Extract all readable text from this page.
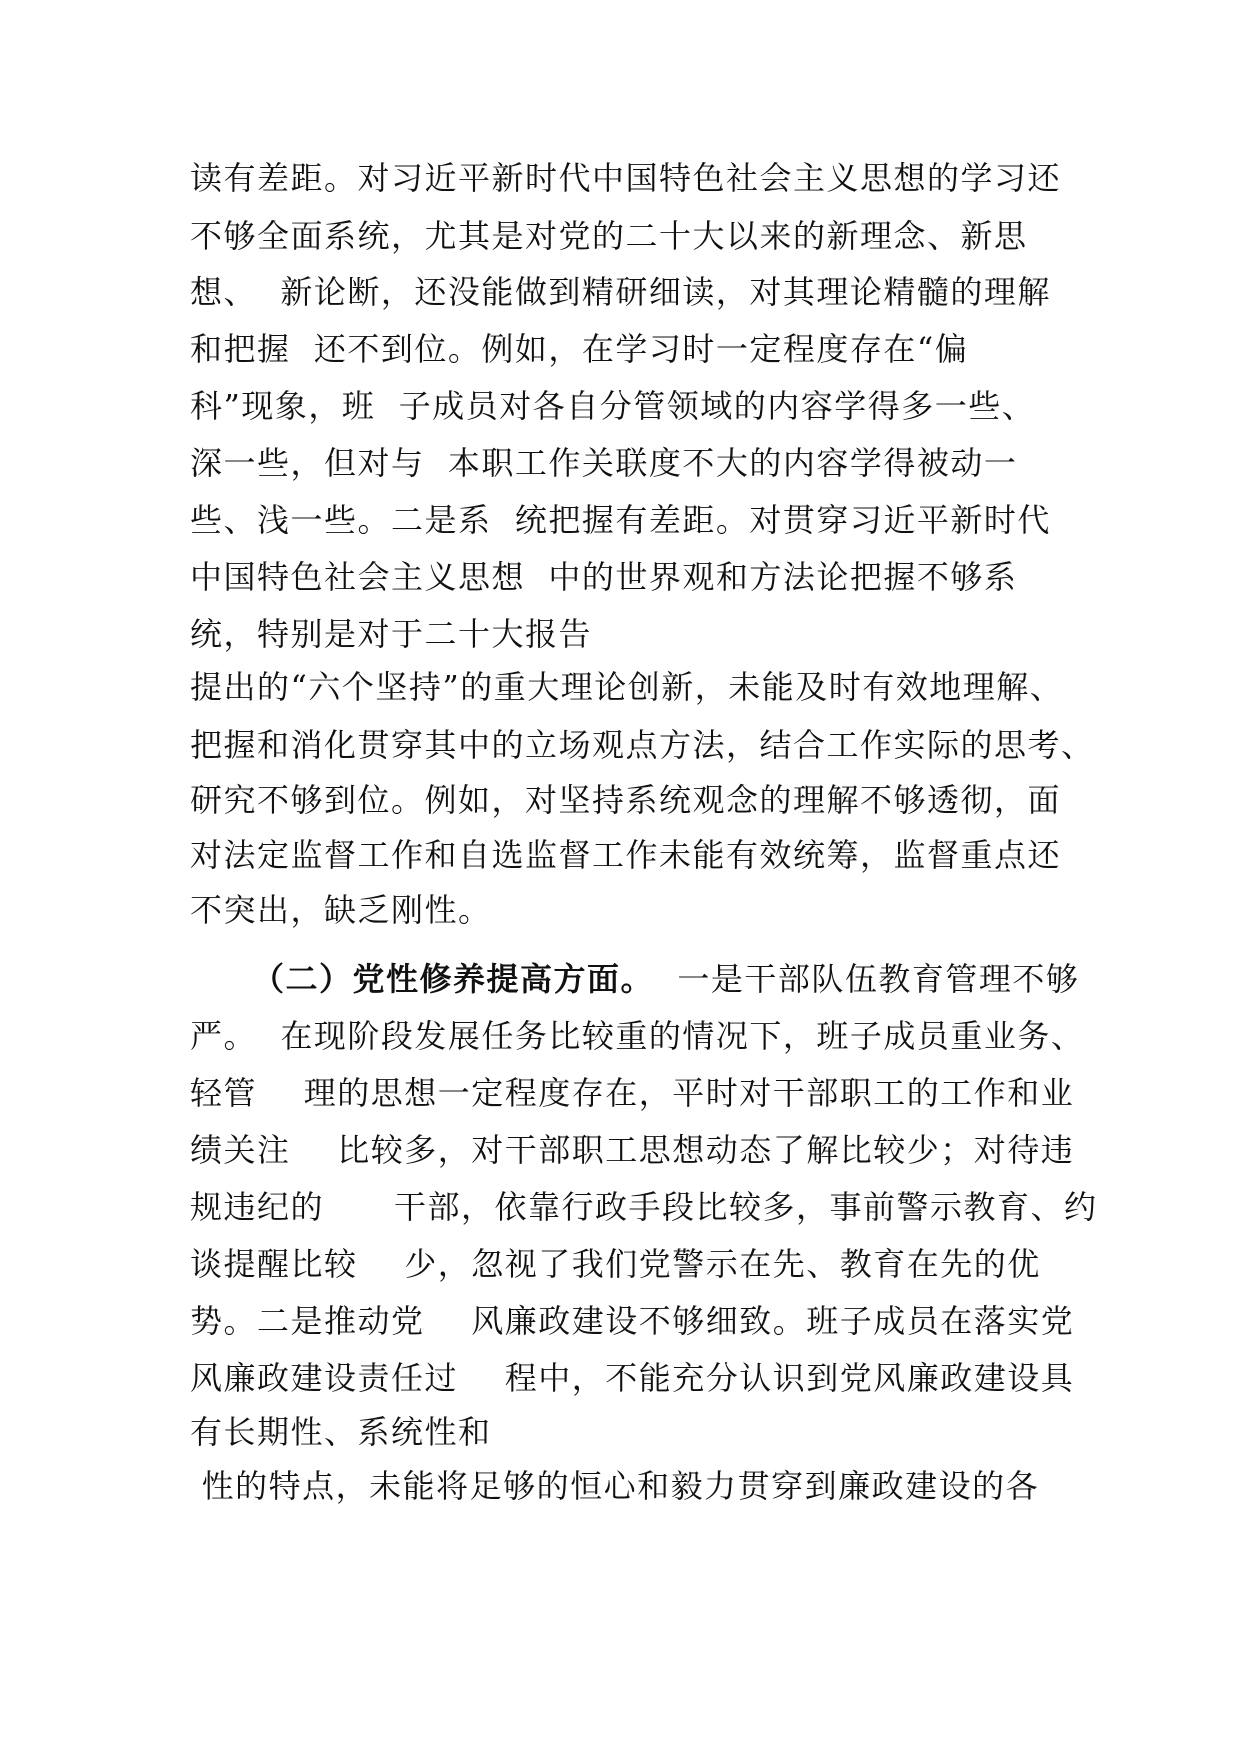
读有差距。对习近平新时代中国特色社会主义思想的学习还
不够全面系统，尤其是对党的二十大以来的新理念、新思
想、  新论断，还没能做到精研细读，对其理论精髓的理解
和把握  还不到位。例如，在学习时一定程度存在“偏
科”现象，班  子成员对各自分管领域的内容学得多一些、
深一些，但对与  本职工作关联度不大的内容学得被动一
些、浅一些。二是系  统把握有差距。对贯穿习近平新时代
中国特色社会主义思想  中的世界观和方法论把握不够系
统，特别是对于二十大报告
提出的“六个坚持”的重大理论创新，未能及时有效地理解、
把握和消化贯穿其中的立场观点方法，结合工作实际的思考、
研究不够到位。例如，对坚持系统观念的理解不够透彻，面
对法定监督工作和自选监督工作未能有效统筹，监督重点还
不突出，缺乏刚性。
（二）党性修养提高方面。  一是干部队伍教育管理不够
严。  在现阶段发展任务比较重的情况下，班子成员重业务、
轻管    理的思想一定程度存在，平时对干部职工的工作和业
绩关注    比较多，对干部职工思想动态了解比较少；对待违
规违纪的      干部，依靠行政手段比较多，事前警示教育、约
谈提醒比较    少，忽视了我们党警示在先、教育在先的优
势。二是推动党    风廉政建设不够细致。班子成员在落实党
风廉政建设责任过    程中，不能充分认识到党风廉政建设具
有长期性、系统性和
性的特点，未能将足够的恒心和毅力贯穿到廉政建设的各
